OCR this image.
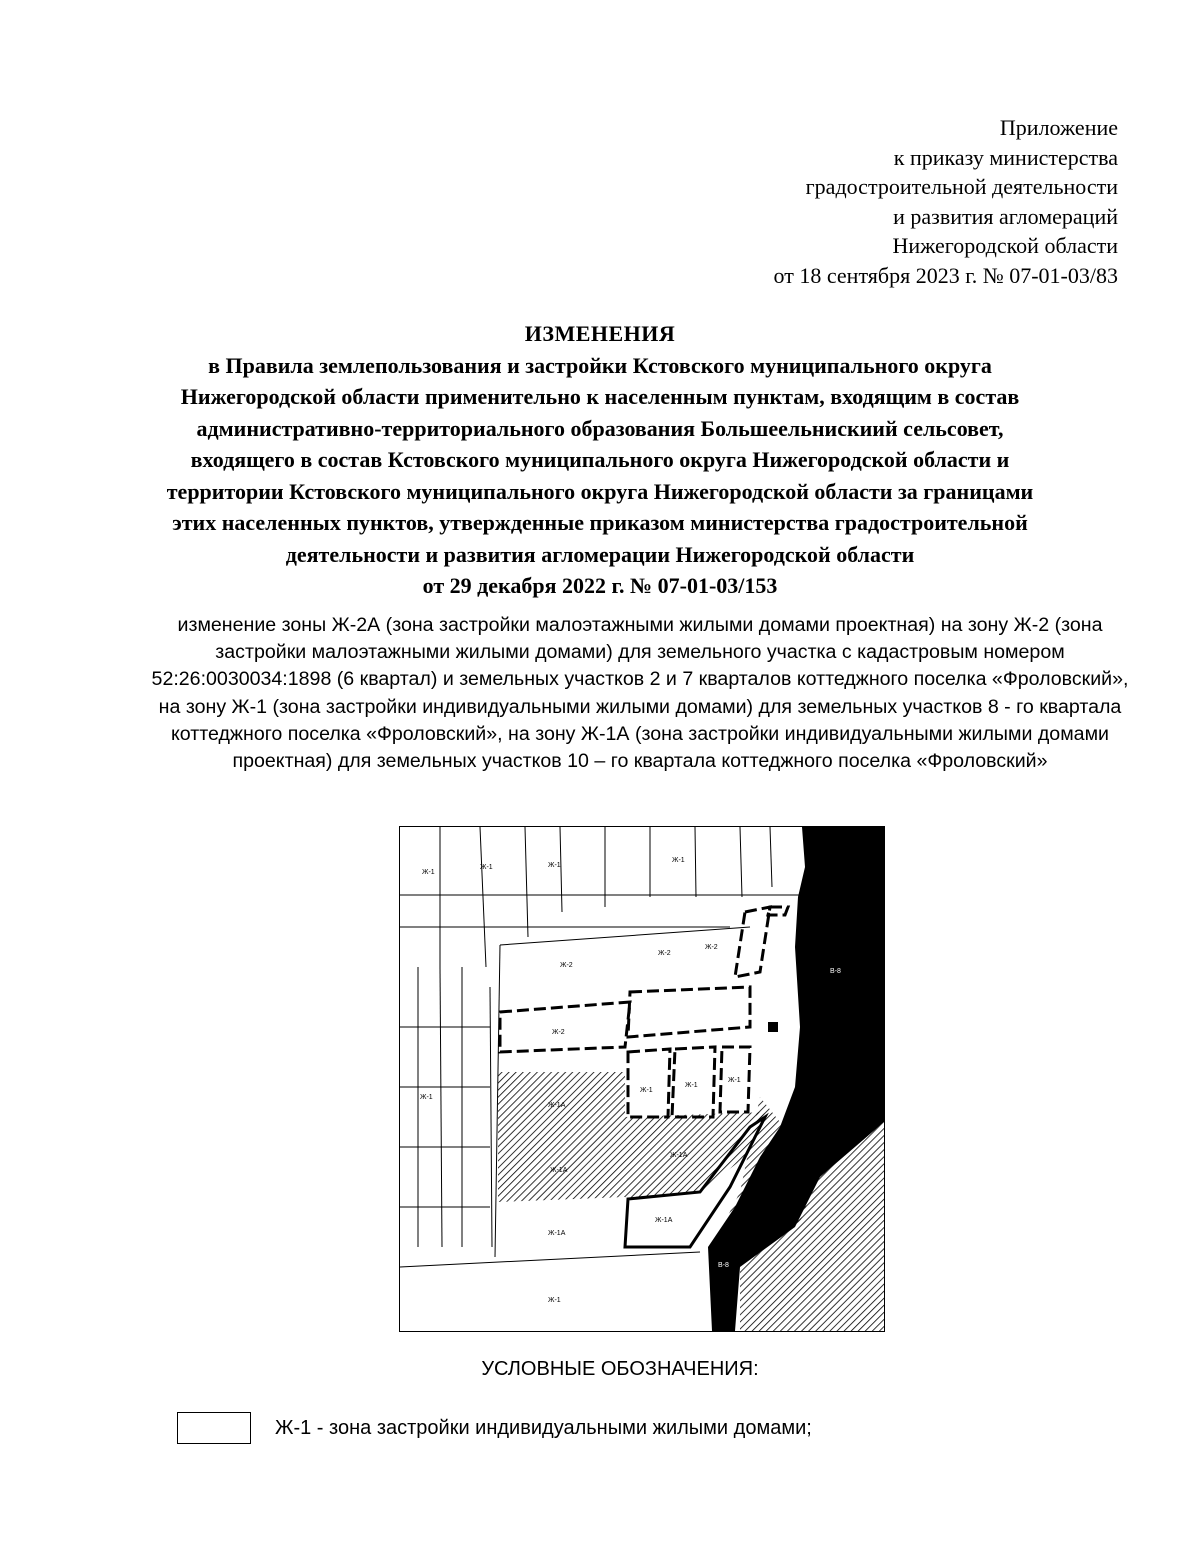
Приложение
к приказу министерства
градостроительной деятельности
и развития агломераций
Нижегородской области
от 18 сентября 2023 г. № 07-01-03/83
ИЗМЕНЕНИЯ
в Правила землепользования и застройки Кстовского муниципального округа
Нижегородской области применительно к населенным пунктам, входящим в состав
административно-территориального образования Большеельнискиий сельсовет,
входящего в состав Кстовского муниципального округа Нижегородской области и
территории Кстовского муниципального округа Нижегородской области за границами
этих населенных пунктов, утвержденные приказом министерства градостроительной
деятельности и развития агломерации Нижегородской области
от 29 декабря 2022 г. № 07-01-03/153
изменение зоны Ж-2А (зона застройки малоэтажными жилыми домами проектная) на зону Ж-2 (зона застройки малоэтажными жилыми домами) для земельного участка с кадастровым номером 52:26:0030034:1898 (6 квартал) и земельных участков 2 и 7 кварталов коттеджного поселка «Фроловский», на зону Ж-1 (зона застройки индивидуальными жилыми домами) для земельных участков 8 - го квартала коттеджного поселка «Фроловский», на зону Ж-1А (зона застройки индивидуальными жилыми домами проектная) для земельных участков 10 – го квартала коттеджного поселка «Фроловский»
Ж-1
Ж-1	Ж-1
Ж-1
Ж-2
Ж-2
Ж-2
Ж-2
Ж-1
Ж-1
Ж-1
Ж-1
Ж-1А
Ж-1А
Ж-1А
Ж-1А
Ж-1А
Ж-1А
В-8
В-8
Ж-1
УСЛОВНЫЕ ОБОЗНАЧЕНИЯ:
Ж-1 - зона застройки индивидуальными жилыми домами;
